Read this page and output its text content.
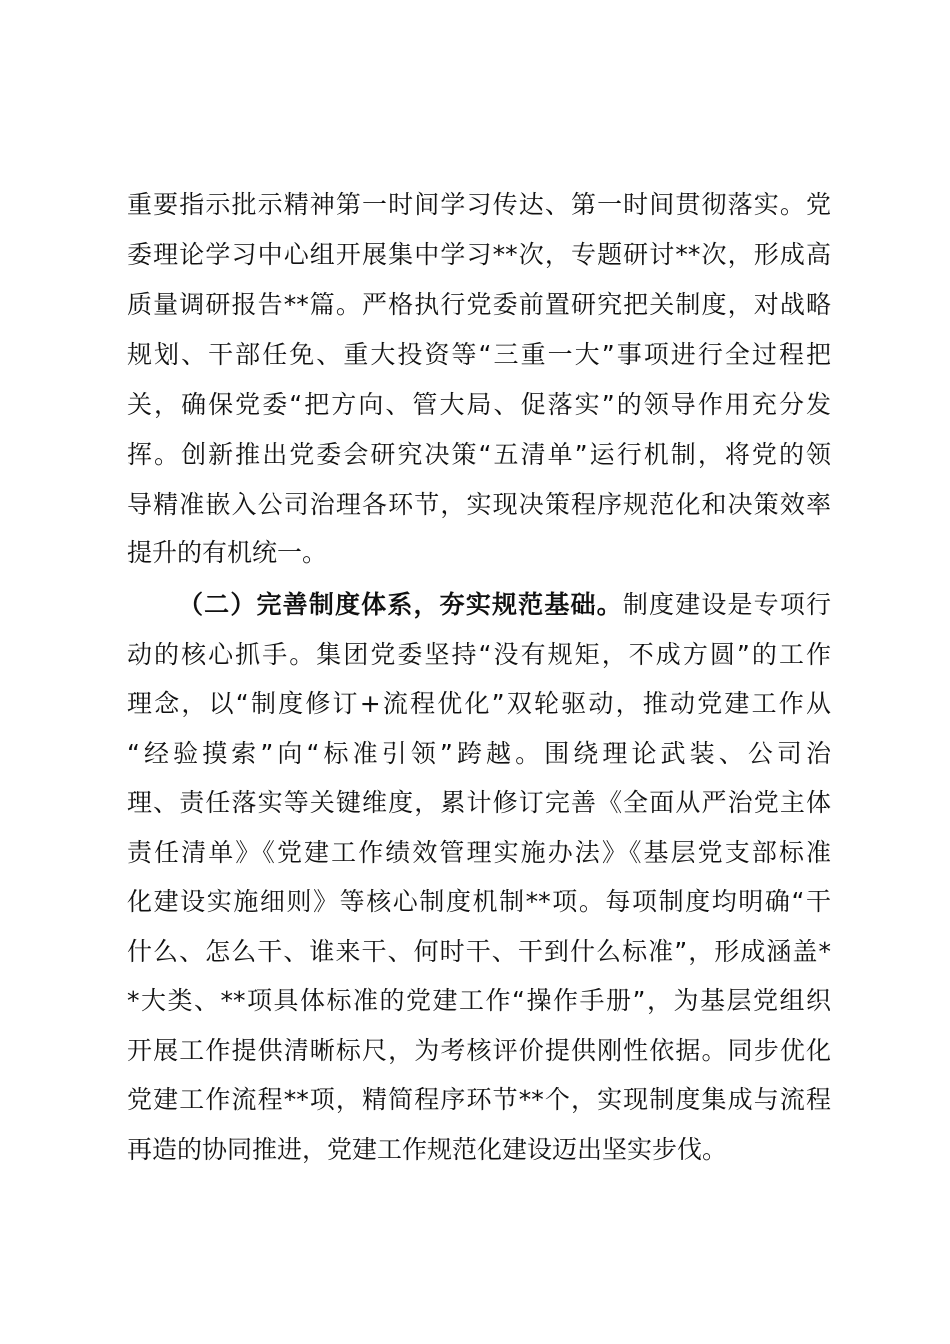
重要指示批示精神第一时间学习传达、第一时间贯彻落实。党
委理论学习中心组开展集中学习**次，专题研讨**次，形成高
质量调研报告**篇。严格执行党委前置研究把关制度，对战略
规划、干部任免、重大投资等“三重一大”事项进行全过程把
关，确保党委“把方向、管大局、促落实”的领导作用充分发
挥。创新推出党委会研究决策“五清单”运行机制，将党的领
导精准嵌入公司治理各环节，实现决策程序规范化和决策效率
提升的有机统一。
（二）完善制度体系，夯实规范基础。制度建设是专项行
动的核心抓手。集团党委坚持“没有规矩，不成方圆”的工作
理念，以“制度修订+流程优化”双轮驱动，推动党建工作从
“经验摸索”向“标准引领”跨越。围绕理论武装、公司治
理、责任落实等关键维度，累计修订完善《全面从严治党主体
责任清单》《党建工作绩效管理实施办法》《基层党支部标准
化建设实施细则》等核心制度机制**项。每项制度均明确“干
什么、怎么干、谁来干、何时干、干到什么标准”，形成涵盖*
*大类、**项具体标准的党建工作“操作手册”，为基层党组织
开展工作提供清晰标尺，为考核评价提供刚性依据。同步优化
党建工作流程**项，精简程序环节**个，实现制度集成与流程
再造的协同推进，党建工作规范化建设迈出坚实步伐。
